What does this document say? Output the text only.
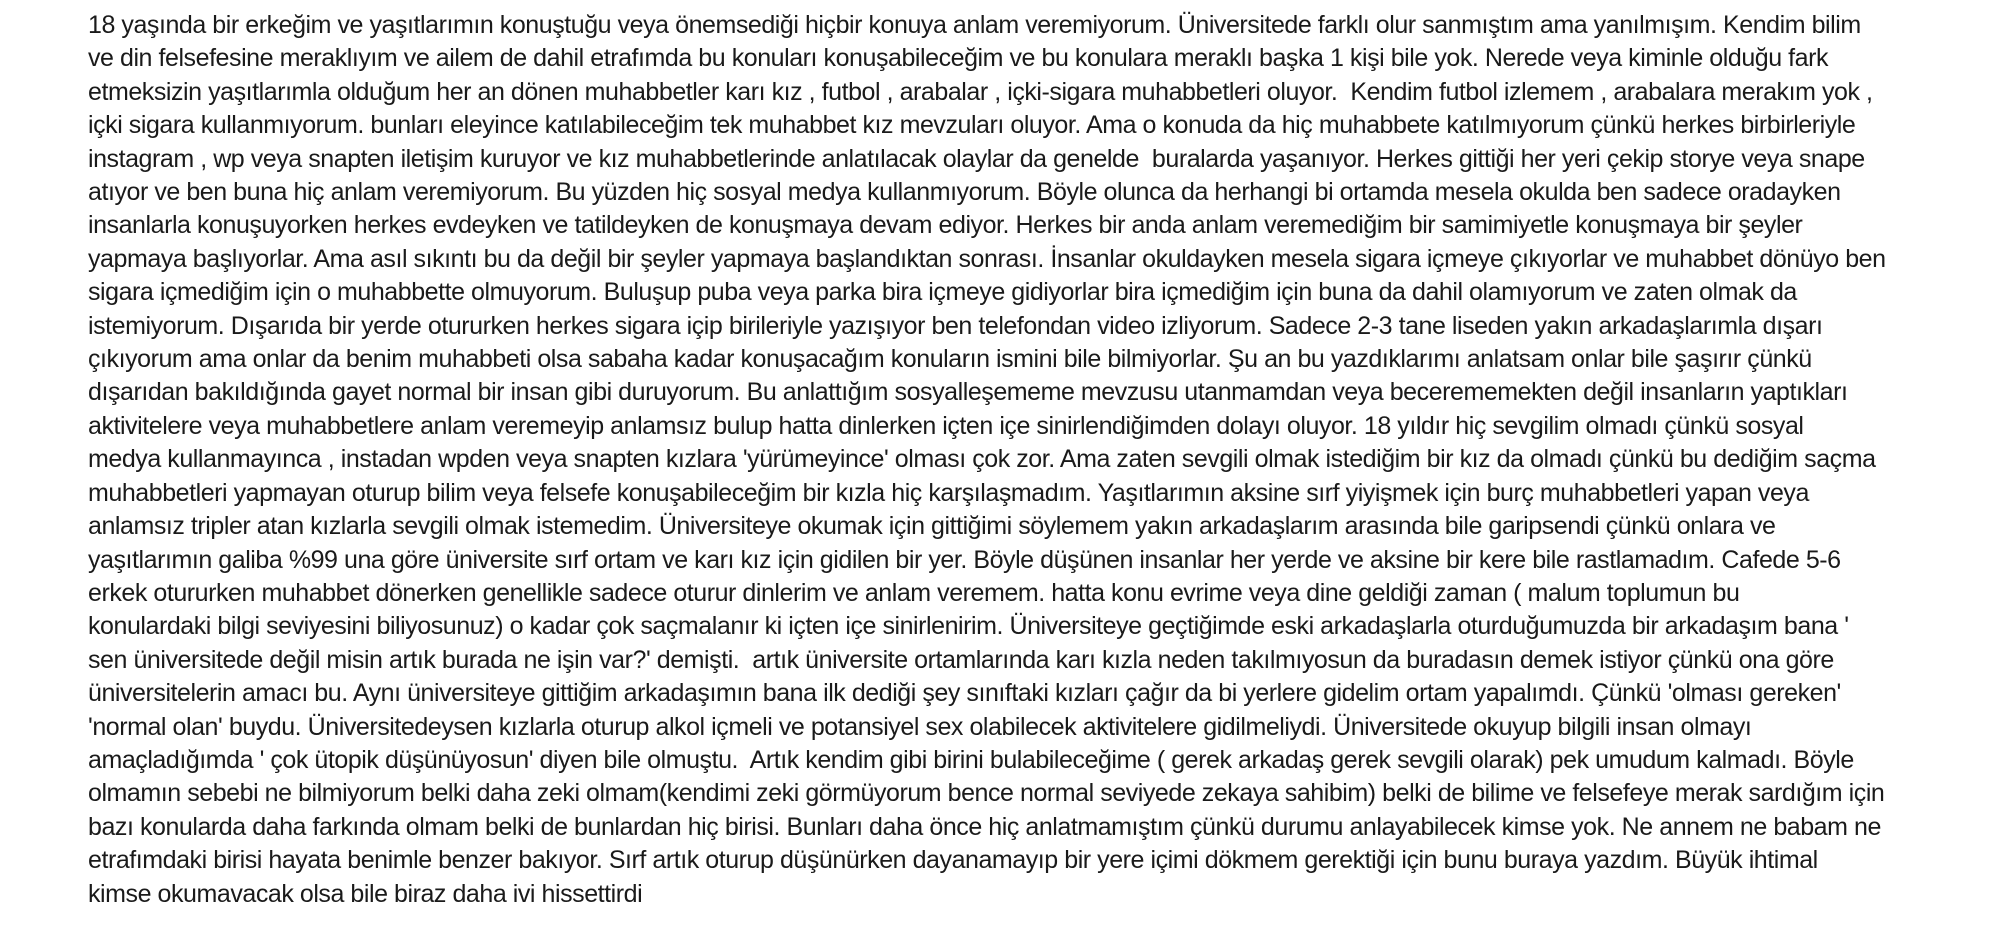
18 yaşında bir erkeğim ve yaşıtlarımın konuştuğu veya önemsediği hiçbir konuya anlam veremiyorum. Üniversitede farklı olur sanmıştım ama yanılmışım. Kendim bilim
ve din felsefesine meraklıyım ve ailem de dahil etrafımda bu konuları konuşabileceğim ve bu konulara meraklı başka 1 kişi bile yok. Nerede veya kiminle olduğu fark
etmeksizin yaşıtlarımla olduğum her an dönen muhabbetler karı kız , futbol , arabalar , içki-sigara muhabbetleri oluyor.  Kendim futbol izlemem , arabalara merakım yok ,
içki sigara kullanmıyorum. bunları eleyince katılabileceğim tek muhabbet kız mevzuları oluyor. Ama o konuda da hiç muhabbete katılmıyorum çünkü herkes birbirleriyle
instagram , wp veya snapten iletişim kuruyor ve kız muhabbetlerinde anlatılacak olaylar da genelde  buralarda yaşanıyor. Herkes gittiği her yeri çekip storye veya snape
atıyor ve ben buna hiç anlam veremiyorum. Bu yüzden hiç sosyal medya kullanmıyorum. Böyle olunca da herhangi bi ortamda mesela okulda ben sadece oradayken
insanlarla konuşuyorken herkes evdeyken ve tatildeyken de konuşmaya devam ediyor. Herkes bir anda anlam veremediğim bir samimiyetle konuşmaya bir şeyler
yapmaya başlıyorlar. Ama asıl sıkıntı bu da değil bir şeyler yapmaya başlandıktan sonrası. İnsanlar okuldayken mesela sigara içmeye çıkıyorlar ve muhabbet dönüyo ben
sigara içmediğim için o muhabbette olmuyorum. Buluşup puba veya parka bira içmeye gidiyorlar bira içmediğim için buna da dahil olamıyorum ve zaten olmak da
istemiyorum. Dışarıda bir yerde otururken herkes sigara içip birileriyle yazışıyor ben telefondan video izliyorum. Sadece 2-3 tane liseden yakın arkadaşlarımla dışarı
çıkıyorum ama onlar da benim muhabbeti olsa sabaha kadar konuşacağım konuların ismini bile bilmiyorlar. Şu an bu yazdıklarımı anlatsam onlar bile şaşırır çünkü
dışarıdan bakıldığında gayet normal bir insan gibi duruyorum. Bu anlattığım sosyalleşememe mevzusu utanmamdan veya becerememekten değil insanların yaptıkları
aktivitelere veya muhabbetlere anlam veremeyip anlamsız bulup hatta dinlerken içten içe sinirlendiğimden dolayı oluyor. 18 yıldır hiç sevgilim olmadı çünkü sosyal
medya kullanmayınca , instadan wpden veya snapten kızlara 'yürümeyince' olması çok zor. Ama zaten sevgili olmak istediğim bir kız da olmadı çünkü bu dediğim saçma
muhabbetleri yapmayan oturup bilim veya felsefe konuşabileceğim bir kızla hiç karşılaşmadım. Yaşıtlarımın aksine sırf yiyişmek için burç muhabbetleri yapan veya
anlamsız tripler atan kızlarla sevgili olmak istemedim. Üniversiteye okumak için gittiğimi söylemem yakın arkadaşlarım arasında bile garipsendi çünkü onlara ve
yaşıtlarımın galiba %99 una göre üniversite sırf ortam ve karı kız için gidilen bir yer. Böyle düşünen insanlar her yerde ve aksine bir kere bile rastlamadım. Cafede 5-6
erkek otururken muhabbet dönerken genellikle sadece oturur dinlerim ve anlam veremem. hatta konu evrime veya dine geldiği zaman ( malum toplumun bu
konulardaki bilgi seviyesini biliyosunuz) o kadar çok saçmalanır ki içten içe sinirlenirim. Üniversiteye geçtiğimde eski arkadaşlarla oturduğumuzda bir arkadaşım bana '
sen üniversitede değil misin artık burada ne işin var?' demişti.  artık üniversite ortamlarında karı kızla neden takılmıyosun da buradasın demek istiyor çünkü ona göre
üniversitelerin amacı bu. Aynı üniversiteye gittiğim arkadaşımın bana ilk dediği şey sınıftaki kızları çağır da bi yerlere gidelim ortam yapalımdı. Çünkü 'olması gereken'
'normal olan' buydu. Üniversitedeysen kızlarla oturup alkol içmeli ve potansiyel sex olabilecek aktivitelere gidilmeliydi. Üniversitede okuyup bilgili insan olmayı
amaçladığımda ' çok ütopik düşünüyosun' diyen bile olmuştu.  Artık kendim gibi birini bulabileceğime ( gerek arkadaş gerek sevgili olarak) pek umudum kalmadı. Böyle
olmamın sebebi ne bilmiyorum belki daha zeki olmam(kendimi zeki görmüyorum bence normal seviyede zekaya sahibim) belki de bilime ve felsefeye merak sardığım için
bazı konularda daha farkında olmam belki de bunlardan hiç birisi. Bunları daha önce hiç anlatmamıştım çünkü durumu anlayabilecek kimse yok. Ne annem ne babam ne
etrafımdaki birisi hayata benimle benzer bakıyor. Sırf artık oturup düşünürken dayanamayıp bir yere içimi dökmem gerektiği için bunu buraya yazdım. Büyük ihtimal
kimse okumavacak olsa bile biraz daha ivi hissettirdi
